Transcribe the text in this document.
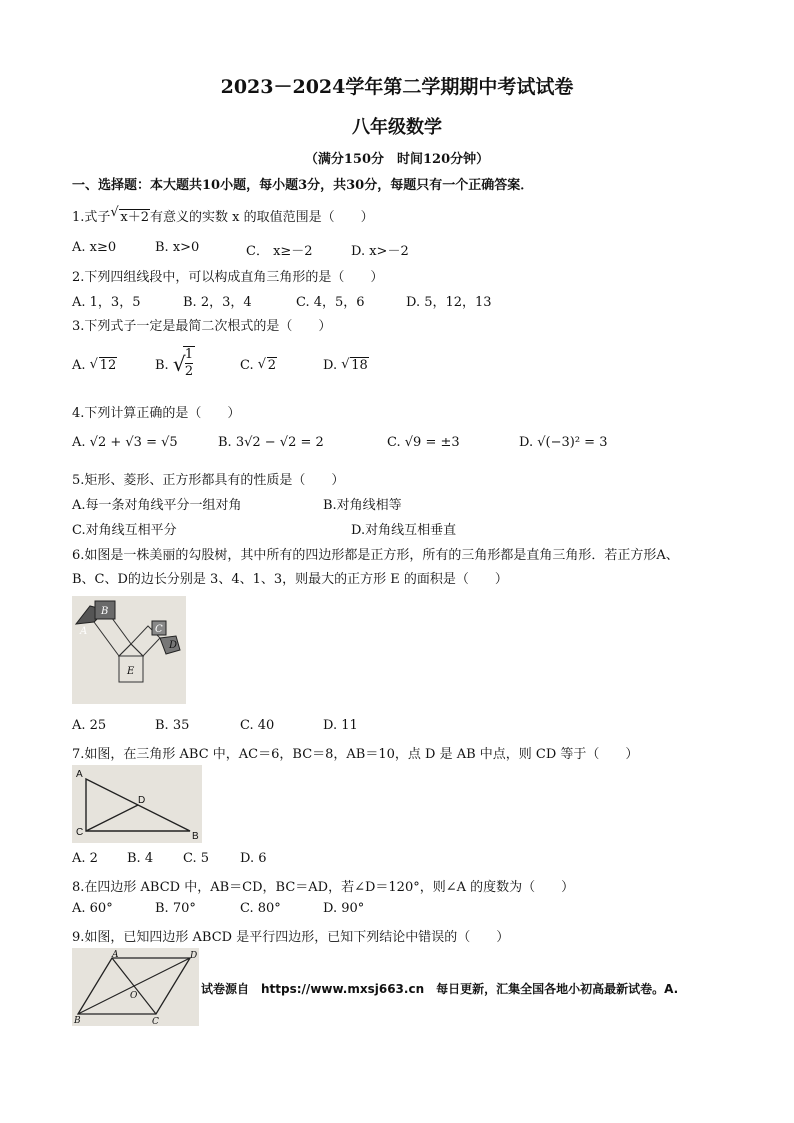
2023－2024学年第二学期期中考试试卷
八年级数学
（满分150分　时间120分钟）
一、选择题：本大题共10小题，每小题3分，共30分，每题只有一个正确答案．
1.式子 √ x＋2有意义的实数 x 的取值范围是（　　）
A. x≥0	B. x>0	C． x≥－2	D. x>－2
2.下列四组线段中，可以构成直角三角形的是（　　）
A. 1，3，5	B. 2，3，4	C. 4，5，6	D. 5，12，13
3.下列式子一定是最简二次根式的是（　　）
A. √ 12	B. √
$\frac{1}{2}$	C. √ 2	D. √ 18
4.下列计算正确的是（　　）
A. √2 + √3 = √5	B. 3√2 − √2 = 2	C. √9 = ±3	D. √(−3)² = 3
5.矩形、菱形、正方形都具有的性质是（　　）
A.每一条对角线平分一组对角	B.对角线相等
C.对角线互相平分	D.对角线互相垂直
6.如图是一株美丽的勾股树，其中所有的四边形都是正方形，所有的三角形都是直角三角形．若正方形A、
B、C、D的边长分别是 3、4、1、3，则最大的正方形 E 的面积是（　　）
A
B
C
D
E
A. 25	B. 35	C. 40	D. 11
7.如图，在三角形 ABC 中，AC＝6，BC＝8，AB＝10，点 D 是 AB 中点，则 CD 等于（　　）
A
D
C	B
A. 2 B. 4 C. 5 D. 6
8.在四边形 ABCD 中，AB＝CD，BC＝AD，若∠D＝120°，则∠A 的度数为（　　）
A. 60°	B. 70°	C. 80°	D. 90°
9.如图，已知四边形 ABCD 是平行四边形，已知下列结论中错误的（　　）
A	D
O
B	C
试卷源自　https://www.mxsj663.cn　每日更新，汇集全国各地小初高最新试卷。A.
